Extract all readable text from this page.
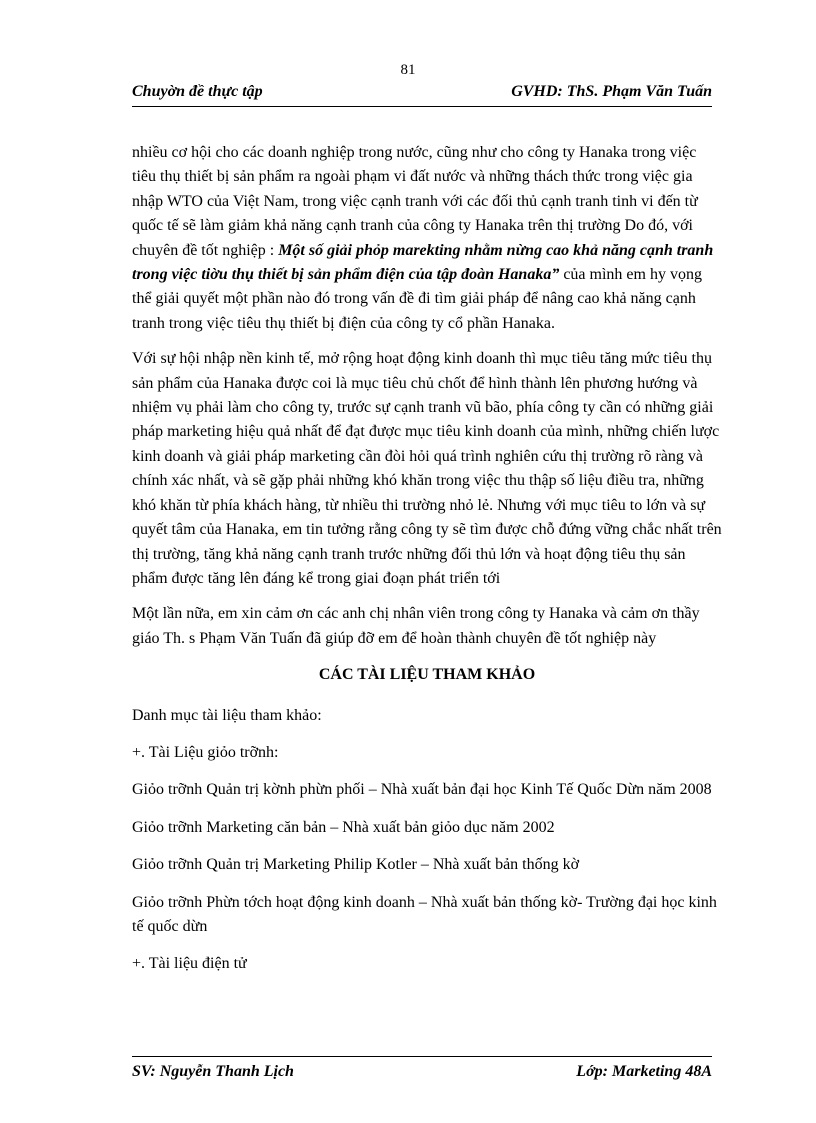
81
Chuyờn đề thực tập	GVHD: ThS. Phạm Văn Tuấn

nhiều cơ hội cho các doanh nghiệp trong nước, cũng như cho công ty Hanaka trong việc tiêu thụ thiết bị sản phẩm ra ngoài phạm vi đất nước và những thách thức trong việc gia nhập WTO của Việt Nam, trong việc cạnh tranh với các đối thủ cạnh tranh tinh vi đến từ quốc tế sẽ làm giảm khả năng cạnh tranh của công ty Hanaka trên thị trường Do đó, với chuyên đề tốt nghiệp : Một số giải phỏp marekting nhằm nừng cao khả năng cạnh tranh trong việc tiờu thụ thiết bị sản phẩm điện của tập đoàn Hanaka” của mình em hy vọng thể giải quyết một phần nào đó trong vấn đề đi tìm giải pháp để nâng cao khả năng cạnh tranh trong việc tiêu thụ thiết bị điện của công ty cổ phần Hanaka.

Với sự hội nhập nền kinh tế, mở rộng hoạt động kinh doanh thì mục tiêu tăng mức tiêu thụ sản phẩm của Hanaka được coi là mục tiêu chủ chốt để hình thành lên phương hướng và nhiệm vụ phải làm cho công ty, trước sự cạnh tranh vũ bão, phía công ty cần có những giải pháp marketing hiệu quả nhất để đạt được mục tiêu kinh doanh của mình, những chiến lược kinh doanh và giải pháp marketing cần đòi hỏi quá trình nghiên cứu thị trường rõ ràng và chính xác nhất, và sẽ gặp phải những khó khăn trong việc thu thập số liệu điều tra, những khó khăn từ phía khách hàng, từ nhiều thi trường nhỏ lẻ. Nhưng với mục tiêu to lớn và sự quyết tâm của Hanaka, em tin tưởng rằng công ty sẽ tìm được chỗ đứng vững chắc nhất trên thị trường, tăng khả năng cạnh tranh trước những đối thủ lớn và hoạt động tiêu thụ sản phẩm được tăng lên đáng kể trong giai đoạn phát triển tới

Một lần nữa, em xin cảm ơn các anh chị nhân viên trong công ty Hanaka và cảm ơn thầy giáo Th. s Phạm Văn Tuấn đã giúp đỡ em để hoàn thành chuyên đề tốt nghiệp này

CÁC TÀI LIỆU THAM KHẢO

Danh mục tài liệu tham khảo:

+. Tài Liệu giỏo trỡnh:

Giỏo trỡnh Quản trị kờnh phừn phối – Nhà xuất bản đại học Kinh Tế Quốc Dừn năm 2008

Giỏo trỡnh Marketing căn bản – Nhà xuất bản giỏo dục năm 2002

Giỏo trỡnh Quản trị Marketing Philip Kotler – Nhà xuất bản thống kờ

Giỏo trỡnh Phừn tớch hoạt động kinh doanh – Nhà xuất bản thống kờ- Trường đại học kinh tế quốc dừn

+. Tài liệu điện tử

SV: Nguyễn Thanh Lịch	Lớp: Marketing 48A
